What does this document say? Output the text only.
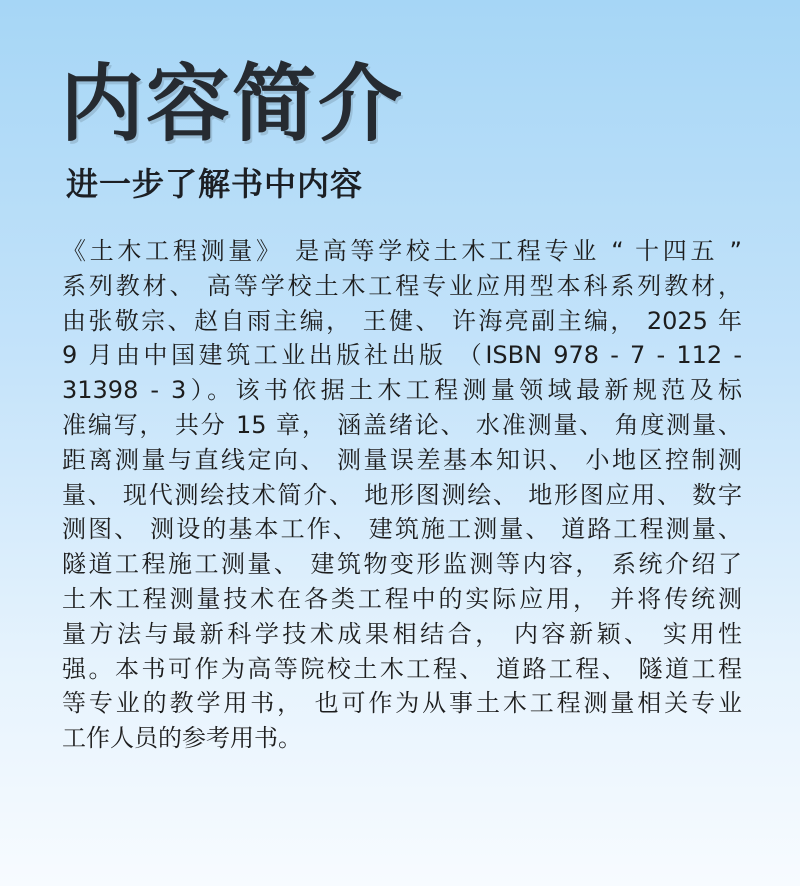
内容简介
进一步了解书中内容
《土木工程测量》 是高等学校土木工程专业 “ 十四五 ”
系列教材、 高等学校土木工程专业应用型本科系列教材，
由张敬宗、赵自雨主编， 王健、 许海亮副主编， 2025 年
9 月由中国建筑工业出版社出版 （ISBN 978 - 7 - 112 -
31398 - 3）。该书依据土木工程测量领域最新规范及标
准编写， 共分 15 章， 涵盖绪论、 水准测量、 角度测量、
距离测量与直线定向、 测量误差基本知识、 小地区控制测
量、 现代测绘技术简介、 地形图测绘、 地形图应用、 数字
测图、 测设的基本工作、 建筑施工测量、 道路工程测量、
隧道工程施工测量、 建筑物变形监测等内容， 系统介绍了
土木工程测量技术在各类工程中的实际应用， 并将传统测
量方法与最新科学技术成果相结合， 内容新颖、 实用性
强。本书可作为高等院校土木工程、 道路工程、 隧道工程
等专业的教学用书， 也可作为从事土木工程测量相关专业
工作人员的参考用书。
